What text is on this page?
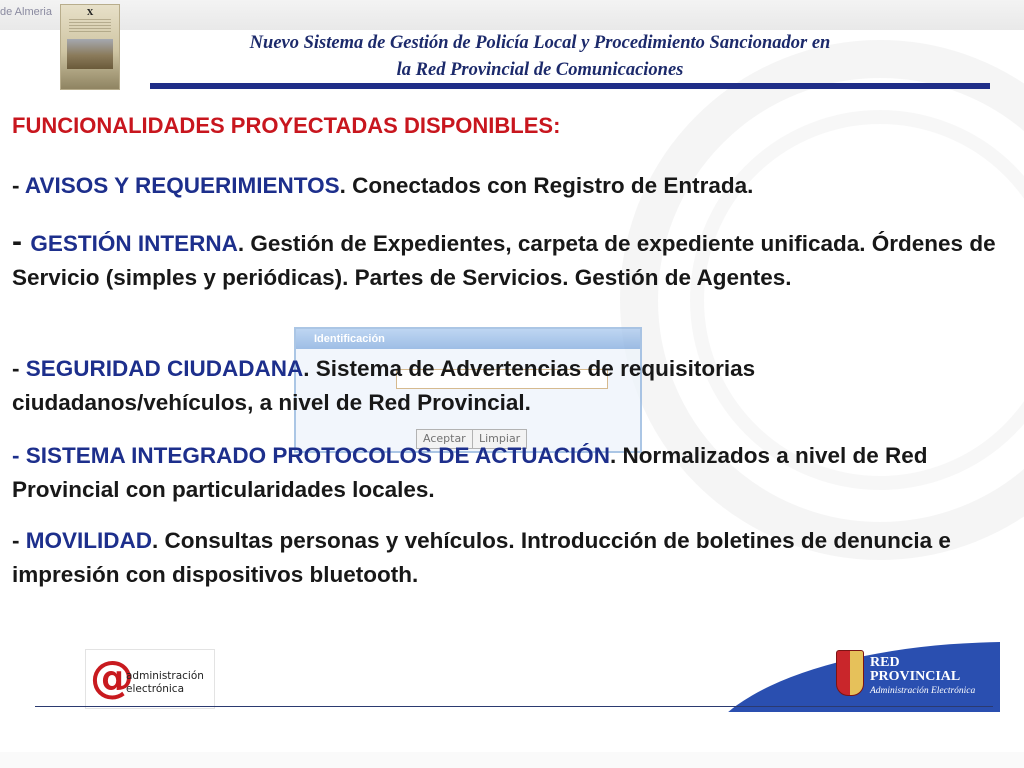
de Almeria	X
Nuevo Sistema de Gestión de Policía Local y Procedimiento Sancionador en
la Red Provincial de Comunicaciones
Identificación
Aceptar	Limpiar
FUNCIONALIDADES PROYECTADAS DISPONIBLES:
- AVISOS Y REQUERIMIENTOS. Conectados con Registro de Entrada.
- GESTIÓN INTERNA. Gestión de Expedientes, carpeta de expediente unificada. Órdenes de Servicio (simples y periódicas). Partes de Servicios. Gestión de Agentes.
- SEGURIDAD CIUDADANA. Sistema de Advertencias de requisitorias ciudadanos/vehículos, a nivel de Red Provincial.
- SISTEMA INTEGRADO PROTOCOLOS DE ACTUACIÓN. Normalizados a nivel de Red Provincial con particularidades locales.
- MOVILIDAD. Consultas personas y vehículos. Introducción de boletines de denuncia e impresión con dispositivos bluetooth.
@
administración
electrónica
RED
PROVINCIAL
Administración Electrónica
